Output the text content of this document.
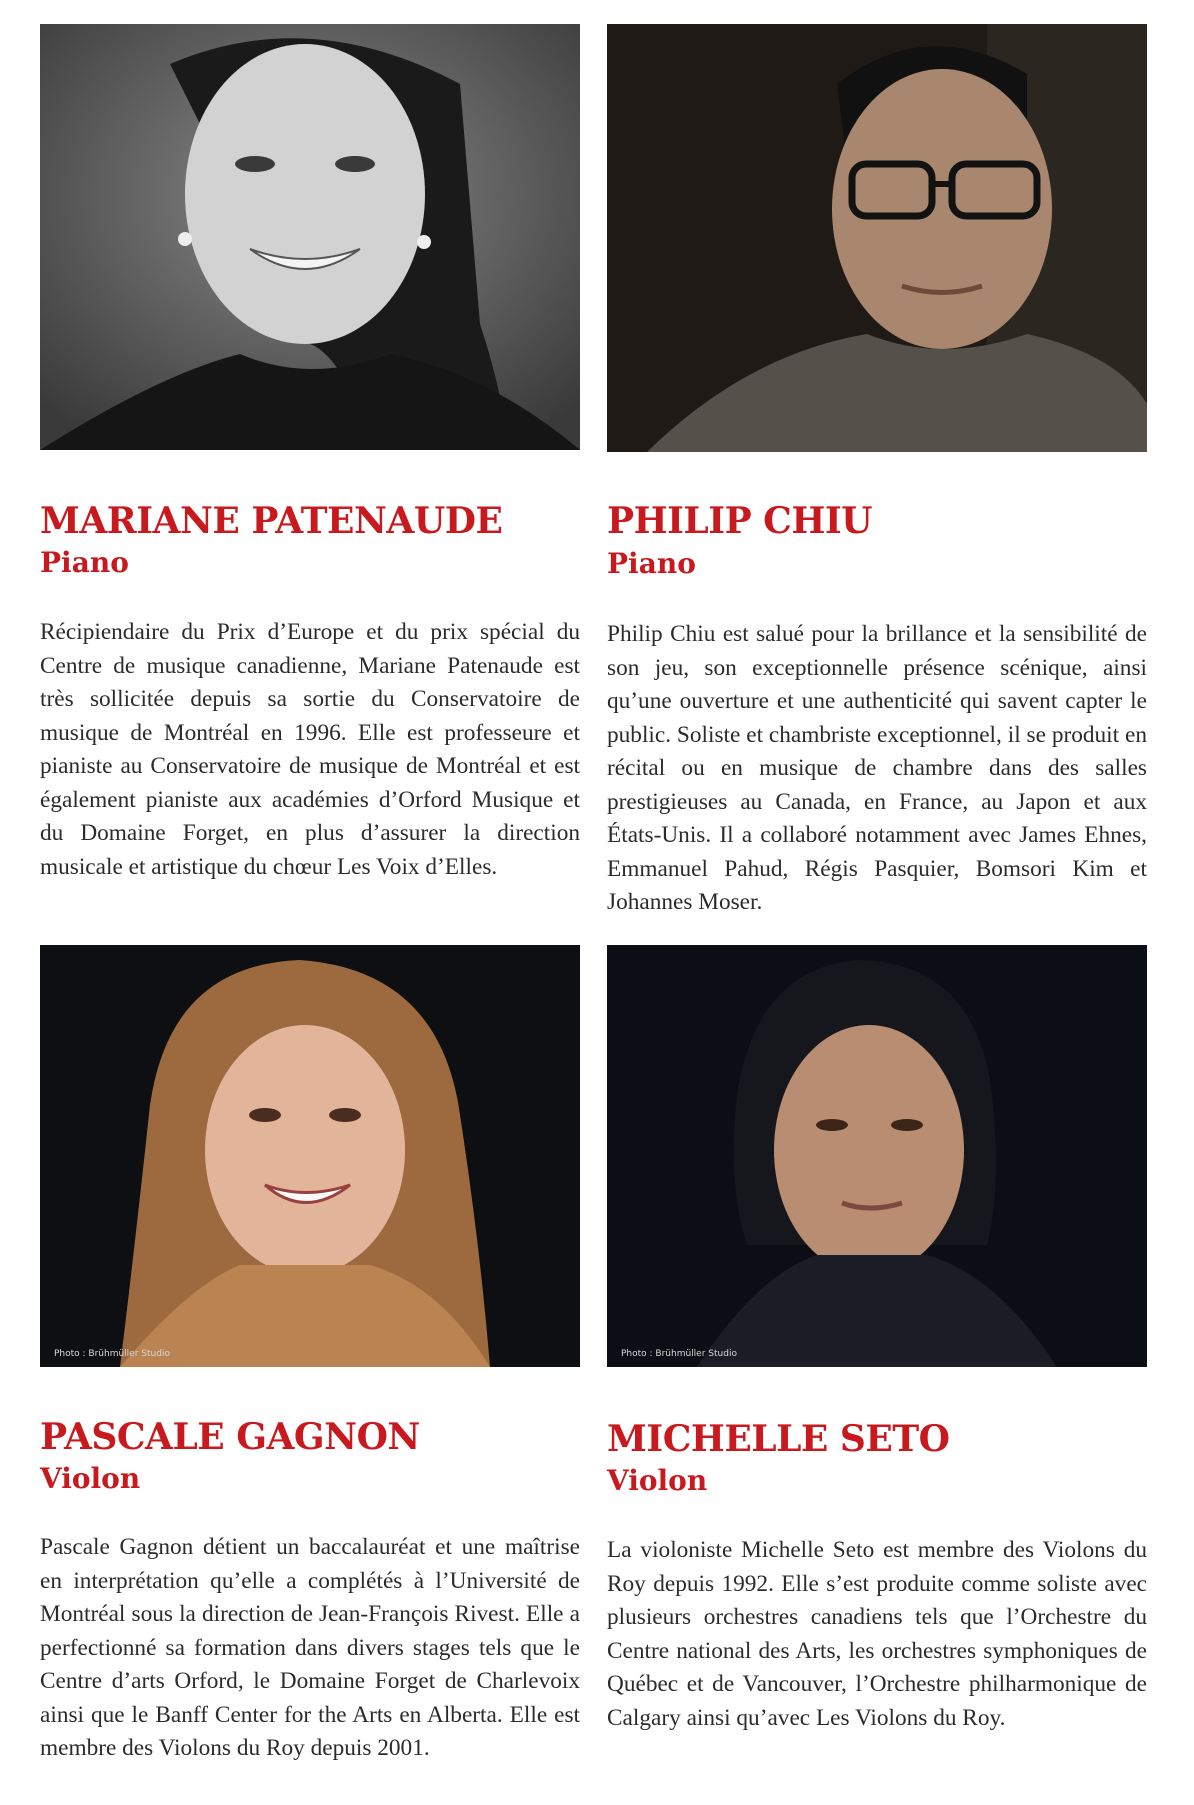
MARIANE PATENAUDE
Piano

Récipiendaire du Prix d’Europe et du prix spécial du Centre de musique canadienne, Mariane Patenaude est très sollicitée depuis sa sortie du Conservatoire de musique de Montréal en 1996. Elle est professeure et pianiste au Conservatoire de musique de Montréal et est également pianiste aux académies d’Orford Musique et du Domaine Forget, en plus d’assurer la direction musicale et artistique du chœur Les Voix d’Elles.

PHILIP CHIU
Piano

Philip Chiu est salué pour la brillance et la sensibilité de son jeu, son exceptionnelle présence scénique, ainsi qu’une ouverture et une authenticité qui savent capter le public. Soliste et chambriste exceptionnel, il se produit en récital ou en musique de chambre dans des salles prestigieuses au Canada, en France, au Japon et aux États-Unis. Il a collaboré notamment avec James Ehnes, Emmanuel Pahud, Régis Pasquier, Bomsori Kim et Johannes Moser.

Photo : Brühmüller Studio
PASCALE GAGNON
Violon

Pascale Gagnon détient un baccalauréat et une maîtrise en interprétation qu’elle a complétés à l’Université de Montréal sous la direction de Jean-François Rivest. Elle a perfectionné sa formation dans divers stages tels que le Centre d’arts Orford, le Domaine Forget de Charlevoix ainsi que le Banff Center for the Arts en Alberta. Elle est membre des Violons du Roy depuis 2001.

Photo : Brühmüller Studio
MICHELLE SETO
Violon

La violoniste Michelle Seto est membre des Violons du Roy depuis 1992. Elle s’est produite comme soliste avec plusieurs orchestres canadiens tels que l’Orchestre du Centre national des Arts, les orchestres symphoniques de Québec et de Vancouver, l’Orchestre philharmonique de Calgary ainsi qu’avec Les Violons du Roy.
